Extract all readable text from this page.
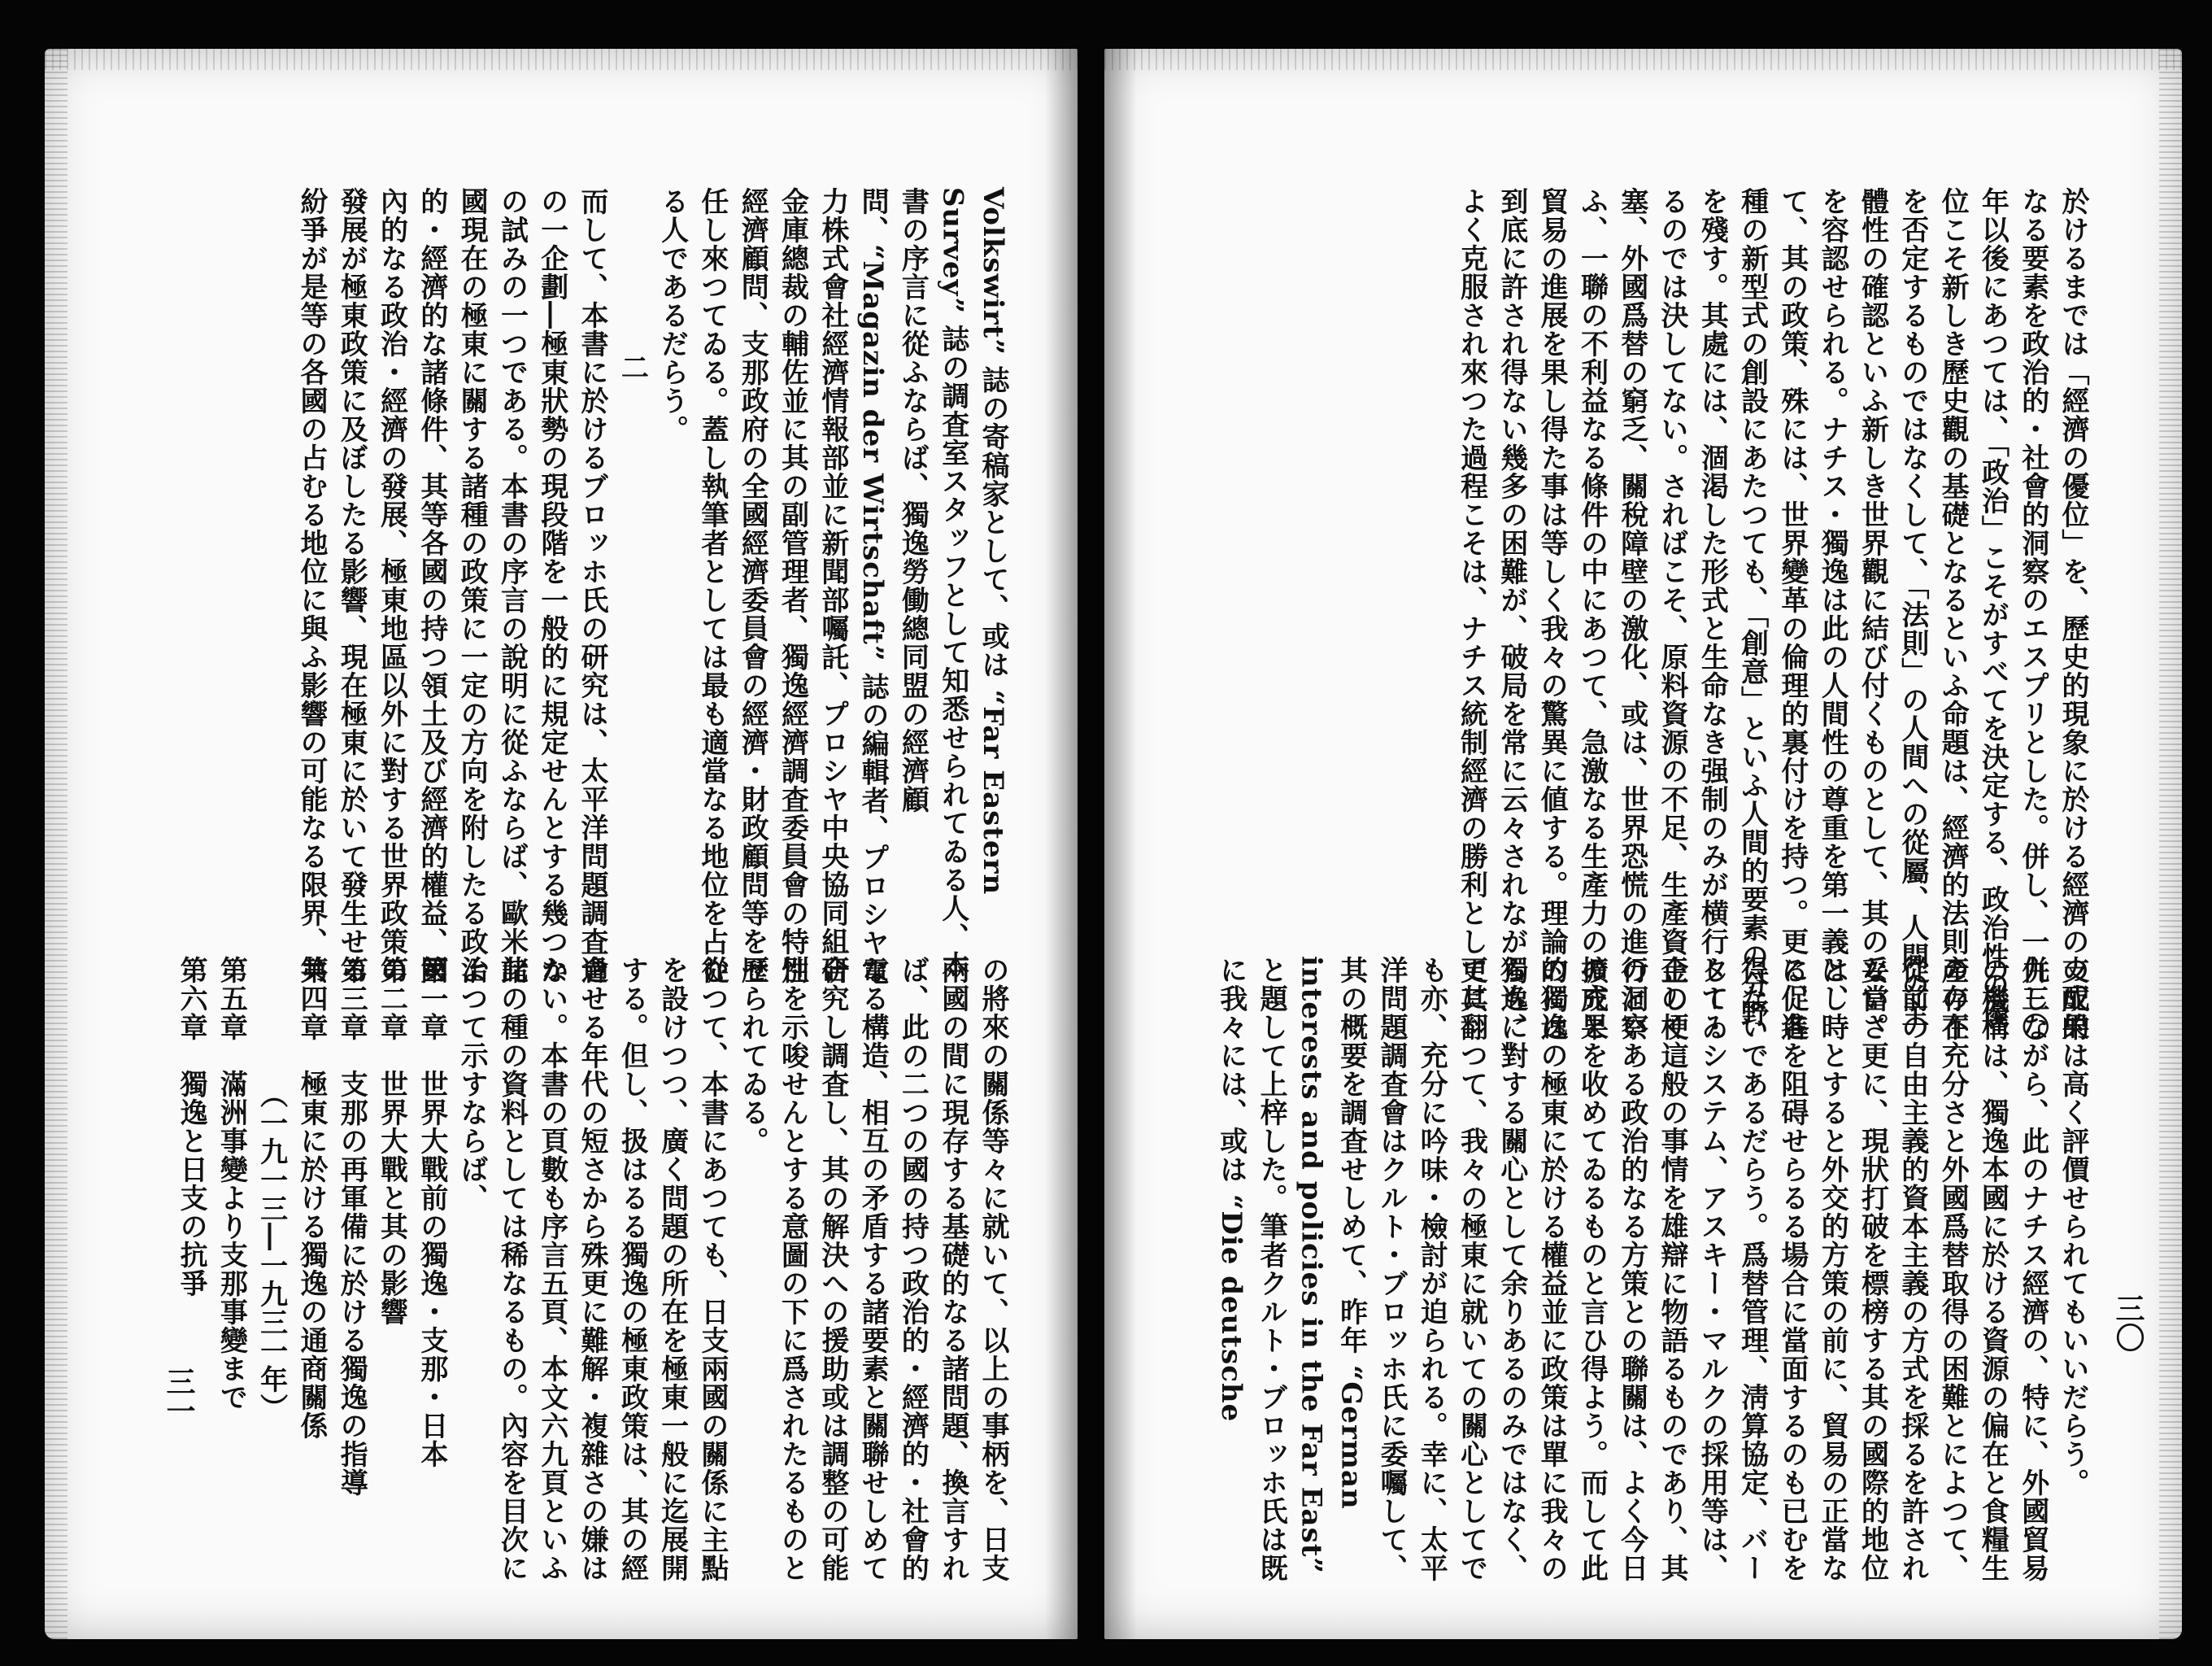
Volkswirt” 誌の寄稿家として、或は “Far Eastern Survey” 誌の調査室スタッフとして知悉せられてゐる人、本書の序言に從ふならば、獨逸勞働總同盟の經濟顧問、“Magazin der Wirtschaft” 誌の編輯者、プロシヤ電力株式會社經濟情報部並に新聞部囑託、プロシヤ中央協同組合金庫總裁の輔佐並に其の副管理者、獨逸經濟調査委員會の特別經濟顧問、支那政府の全國經濟委員會の經濟・財政顧問等を歷任し來つてゐる。蓋し執筆者としては最も適當なる地位を占むる人であるだらう。

二

而して、本書に於けるブロッホ氏の研究は、太平洋問題調査會の一企劃―極東狀勢の現段階を一般的に規定せんとする幾つかの試みの一つである。本書の序言の說明に從ふならば、歐米諸國現在の極東に關する諸種の政策に一定の方向を附したる政治的・經濟的な諸條件、其等各國の持つ領土及び經濟的權益、國內的なる政治・經濟の發展、極東地區以外に對する世界政策の發展が極東政策に及ぼしたる影響、現在極東に於いて發生せる紛爭が是等の各國の占むる地位に與ふ影響の可能なる限界、共

の將來の關係等々に就いて、以上の事柄を、日支兩國の間に現存する基礎的なる諸問題、換言すれば、此の二つの國の持つ政治的・經濟的・社會的なる構造、相互の矛盾する諸要素と關聯せしめて研究し調査し、其の解決への援助或は調整の可能性を示唆せんとする意圖の下に爲されたるものとせられてゐる。
從つて、本書にあつても、日支兩國の關係に主點を設けつつ、廣く問題の所在を極東一般に迄展開する。但し、扱はるる獨逸の極東政策は、其の經過せる年代の短さから殊更に難解・複雜さの嫌はない。本書の頁數も序言五頁、本文六九頁といふ此の種の資料としては稀なるもの。內容を目次によつて示すならば、

第一章　世界大戰前の獨逸・支那・日本

第二章　世界大戰と其の影響

第三章　支那の再軍備に於ける獨逸の指導

第四章　極東に於ける獨逸の通商關係

（一九一三―一九三一年）

第五章　滿洲事變より支那事變まで

第六章　獨逸と日支の抗爭

三一

於けるまでは「經濟の優位」を、歷史的現象に於ける經濟の支配的なる要素を政治的・社會的洞察のエスプリとした。併し、一九三〇年以後にあつては、「政治」こそがすべてを決定する、政治性の優位こそ新しき歷史觀の基礎となるといふ命題は、經濟的法則の存在を否定するものではなくして、「法則」の人間への從屬、人間の主體性の確認といふ新しき世界觀に結び付くものとして、其の妥當さを容認せられる。ナチス・獨逸は此の人間性の尊重を第一義として、其の政策、殊には、世界變革の倫理的裏付けを持つ。更に、各種の新型式の創設にあたつても、「創意」といふ人間的要素の分野を殘す。其處には、涸渇した形式と生命なき强制のみが横行してゐるのでは決してない。さればこそ、原料資源の不足、生產資金の梗塞、外國爲替の窮乏、關稅障壁の激化、或は、世界恐慌の進行といふ、一聯の不利益なる條件の中にあつて、急激なる生產力の擴充と貿易の進展を果し得た事は等しく我々の驚異に値する。理論的には到底に許され得ない幾多の困難が、破局を常に云々されながらも、よく克服され來つた過程こそは、ナチス統制經濟の勝利として其

の成果は高く評價せられてもいいだらう。
併しながら、此のナチス經濟の、特に、外國貿易の機構は、獨逸本國に於ける資源の偏在と食糧生產の不充分さと外國爲替取得の困難とによつて、從前の自由主義的資本主義の方式を採るを許されない。更に、現狀打破を標榜する其の國際的地位は、時とすると外交的方策の前に、貿易の正當なる促進を阻碍せらるる場合に當面するのも已むを得ないであるだらう。爲替管理、淸算協定、バーター・システム、アスキー・マルクの採用等は、正しく這般の事情を雄辯に物語るものであり、其の洞察ある政治的なる方策との聯關は、よく今日の成果を收めてゐるものと言ひ得よう。而して此の獨逸の極東に於ける權益並に政策は單に我々の獨逸に對する關心として余りあるのみではなく、更に翻つて、我々の極東に就いての關心としてでも亦、充分に吟味・檢討が迫られる。幸に、太平洋問題調査會はクルト・ブロッホ氏に委囑して、其の概要を調査せしめて、昨年 “German interests and policies in the Far East” と題して上梓した。筆者クルト・ブロッホ氏は既に我々には、或は “Die deutsche	三〇
